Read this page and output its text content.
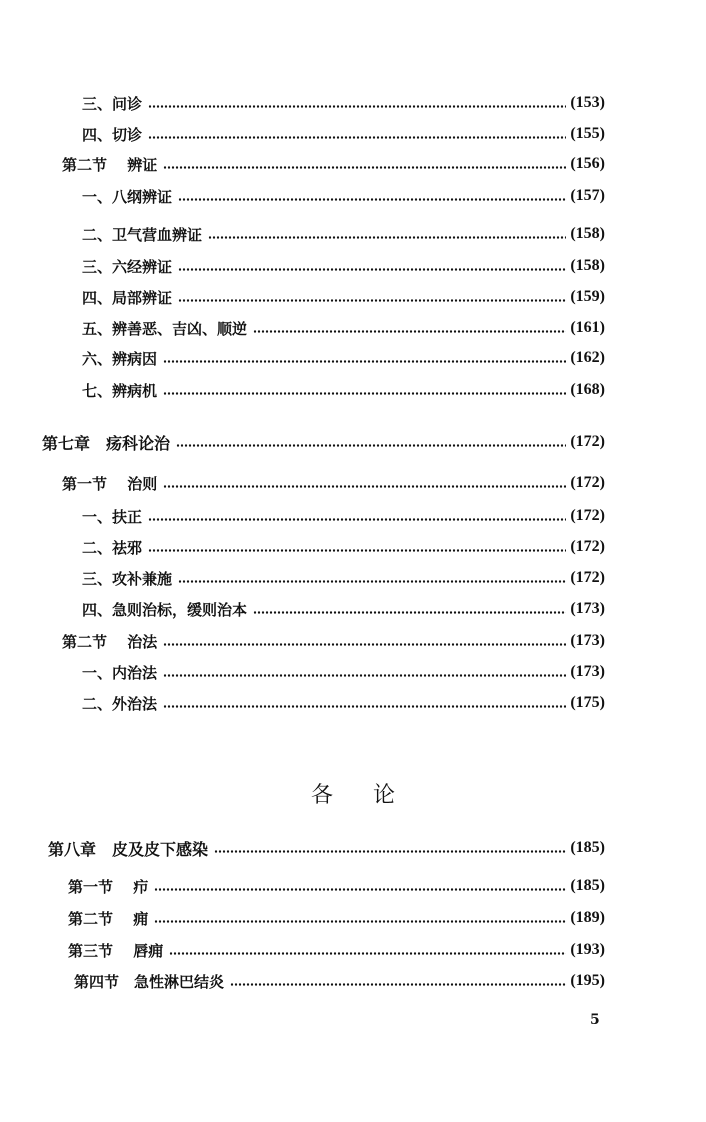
三、问诊	(153)
四、切诊	(155)
第二节　 辨证	(156)
一、八纲辨证	(157)
二、卫气营血辨证	(158)
三、六经辨证	(158)
四、局部辨证	(159)
五、辨善恶、吉凶、顺逆	(161)
六、辨病因	(162)
七、辨病机	(168)
第七章　疡科论治	(172)
第一节　 治则	(172)
一、扶正	(172)
二、祛邪	(172)
三、攻补兼施	(172)
四、急则治标，缓则治本	(173)
第二节　 治法	(173)
一、内治法	(173)
二、外治法	(175)
第八章　皮及皮下感染	(185)
第一节　 疖	(185)
第二节　 痈	(189)
第三节　 唇痈	(193)
第四节　急性淋巴结炎	(195)
各论
5
